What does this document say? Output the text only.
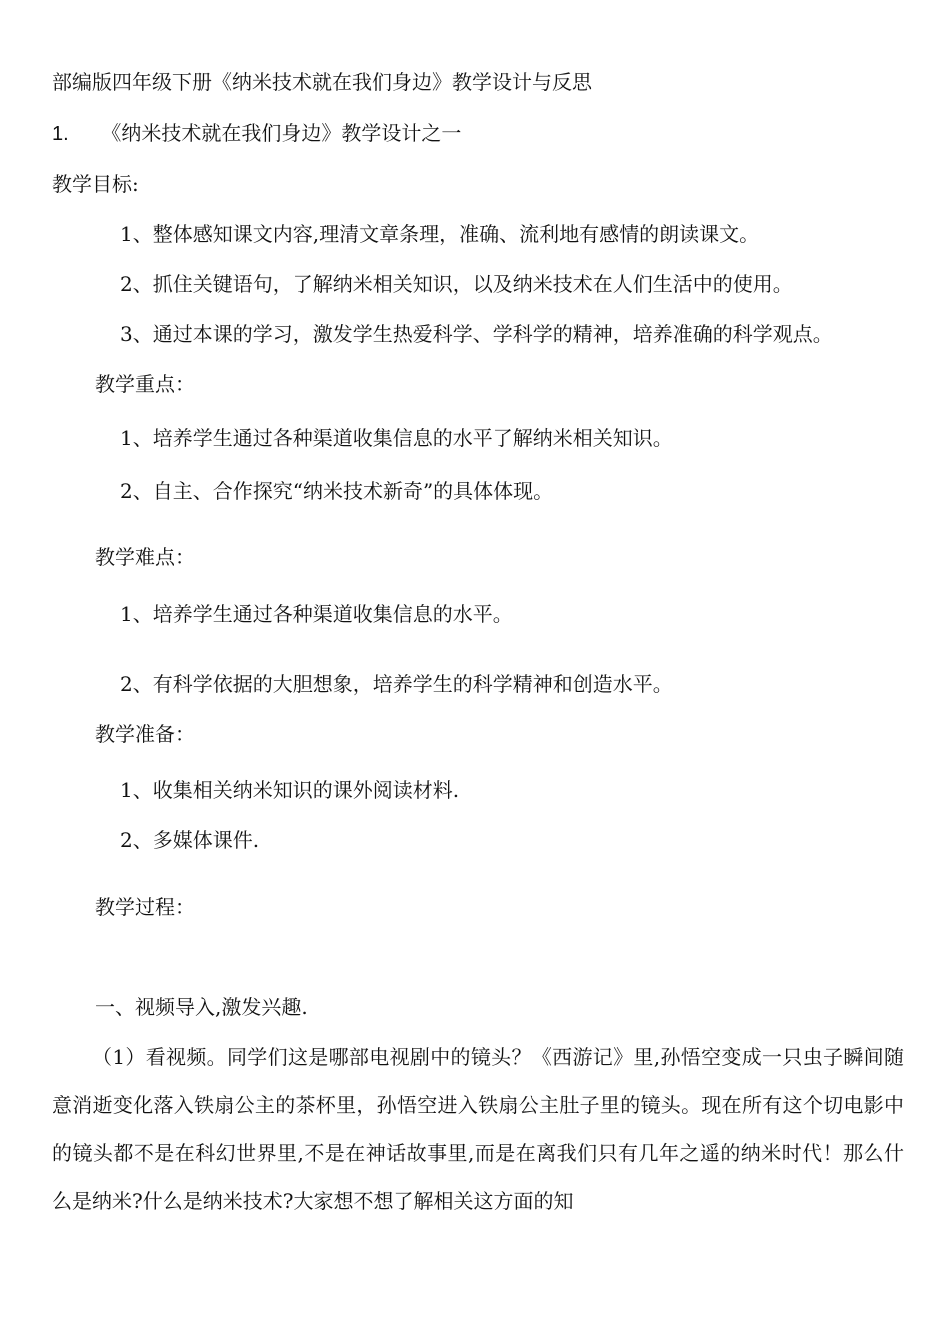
部编版四年级下册《纳米技术就在我们身边》教学设计与反思
1. 《纳米技术就在我们身边》教学设计之一
教学目标:
1、整体感知课文内容,理清文章条理，准确、流利地有感情的朗读课文。
2、抓住关键语句，了解纳米相关知识，以及纳米技术在人们生活中的使用。
3、通过本课的学习，激发学生热爱科学、学科学的精神，培养准确的科学观点。
教学重点：
1、培养学生通过各种渠道收集信息的水平了解纳米相关知识。
2、自主、合作探究“纳米技术新奇”的具体体现。
教学难点：
1、培养学生通过各种渠道收集信息的水平。
2、有科学依据的大胆想象，培养学生的科学精神和创造水平。
教学准备：
1、收集相关纳米知识的课外阅读材料.
2、多媒体课件.
教学过程：
一、视频导入,激发兴趣.
（1）看视频。同学们这是哪部电视剧中的镜头？《西游记》里,孙悟空变成一只虫子瞬间随意消逝变化落入铁扇公主的茶杯里，孙悟空进入铁扇公主肚子里的镜头。现在所有这个切电影中的镜头都不是在科幻世界里,不是在神话故事里,而是在离我们只有几年之遥的纳米时代！那么什么是纳米?什么是纳米技术?大家想不想了解相关这方面的知
